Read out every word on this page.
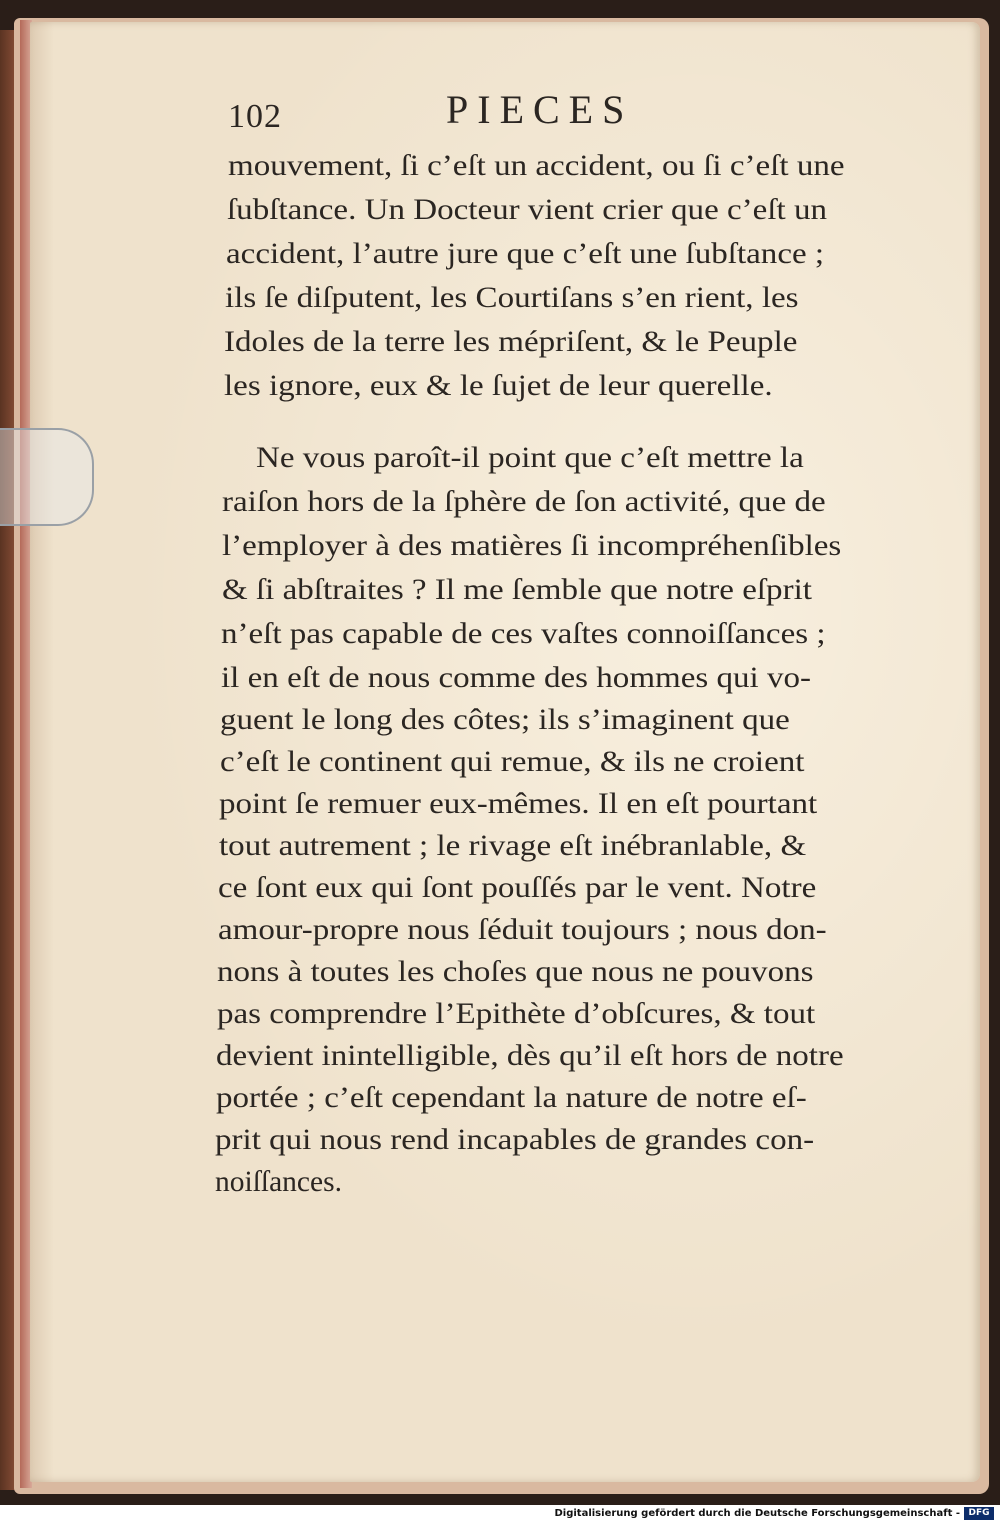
102	PIECES

mouvement, ſi c’eſt un accident, ou ſi c’eſt une

ſubſtance. Un Docteur vient crier que c’eſt un

accident, l’autre jure que c’eſt une ſubſtance ;

ils ſe diſputent, les Courtiſans s’en rient, les

Idoles de la terre les mépriſent, & le Peuple

les ignore, eux & le ſujet de leur querelle.

Ne vous paroît-il point que c’eſt mettre la

raiſon hors de la ſphère de ſon activité, que de

l’employer à des matières ſi incompréhenſibles

& ſi abſtraites ? Il me ſemble que notre eſprit

n’eſt pas capable de ces vaſtes connoiſſances ;

il en eſt de nous comme des hommes qui vo-

guent le long des côtes; ils s’imaginent que

c’eſt le continent qui remue, & ils ne croient

point ſe remuer eux-mêmes. Il en eſt pourtant

tout autrement ; le rivage eſt inébranlable, &

ce ſont eux qui ſont pouſſés par le vent. Notre

amour-propre nous ſéduit toujours ; nous don-

nons à toutes les choſes que nous ne pouvons

pas comprendre l’Epithète d’obſcures, & tout

devient inintelligible, dès qu’il eſt hors de notre

portée ; c’eſt cependant la nature de notre eſ-

prit qui nous rend incapables de grandes con-

noiſſances.

Digitalisierung gefördert durch die Deutsche Forschungsgemeinschaft - DFG
